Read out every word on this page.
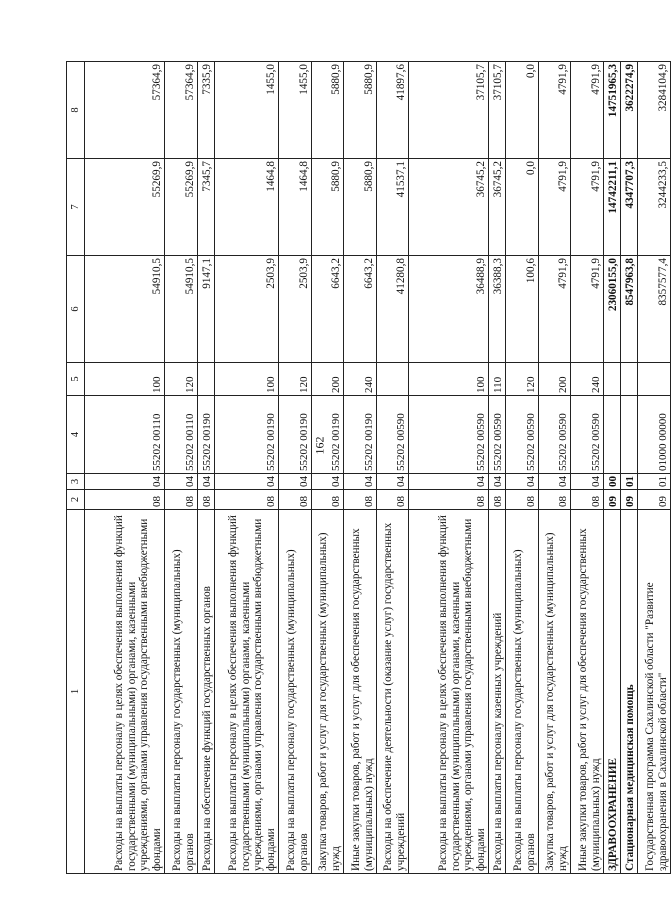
162
1	2	3	4	5	6	7	8
Расходы на выплаты персоналу в целях обеспечения выполнения функций государственными (муниципальными) органами, казенными учреждениями, органами управления государственными внебюджетными фондами	08	04	55202 00110	100	54910,5	55269,9	57364,9
Расходы на выплаты персоналу государственных (муниципальных) органов	08	04	55202 00110	120	54910,5	55269,9	57364,9
Расходы на обеспечение функций государственных органов	08	04	55202 00190		9147,1	7345,7	7335,9
Расходы на выплаты персоналу в целях обеспечения выполнения функций государственными (муниципальными) органами, казенными учреждениями, органами управления государственными внебюджетными фондами	08	04	55202 00190	100	2503,9	1464,8	1455,0
Расходы на выплаты персоналу государственных (муниципальных) органов	08	04	55202 00190	120	2503,9	1464,8	1455,0
Закупка товаров, работ и услуг для государственных (муниципальных) нужд	08	04	55202 00190	200	6643,2	5880,9	5880,9
Иные закупки товаров, работ и услуг для обеспечения государственных (муниципальных) нужд	08	04	55202 00190	240	6643,2	5880,9	5880,9
Расходы на обеспечение деятельности (оказание услуг) государственных учреждений	08	04	55202 00590		41280,8	41537,1	41897,6
Расходы на выплаты персоналу в целях обеспечения выполнения функций государственными (муниципальными) органами, казенными учреждениями, органами управления государственными внебюджетными фондами	08	04	55202 00590	100	36488,9	36745,2	37105,7
Расходы на выплаты персоналу казенных учреждений	08	04	55202 00590	110	36388,3	36745,2	37105,7
Расходы на выплаты персоналу государственных (муниципальных) органов	08	04	55202 00590	120	100,6	0,0	0,0
Закупка товаров, работ и услуг для государственных (муниципальных) нужд	08	04	55202 00590	200	4791,9	4791,9	4791,9
Иные закупки товаров, работ и услуг для обеспечения государственных (муниципальных) нужд	08	04	55202 00590	240	4791,9	4791,9	4791,9
ЗДРАВООХРАНЕНИЕ	09	00			23060155,0	14742211,1	14751965,3
Стационарная медицинская помощь	09	01			8547963,8	4347707,3	3622274,9
Государственная программа Сахалинской области "Развитие здравоохранения в Сахалинской области"	09	01	01000 00000		8357577,4	3244233,5	3284104,9
